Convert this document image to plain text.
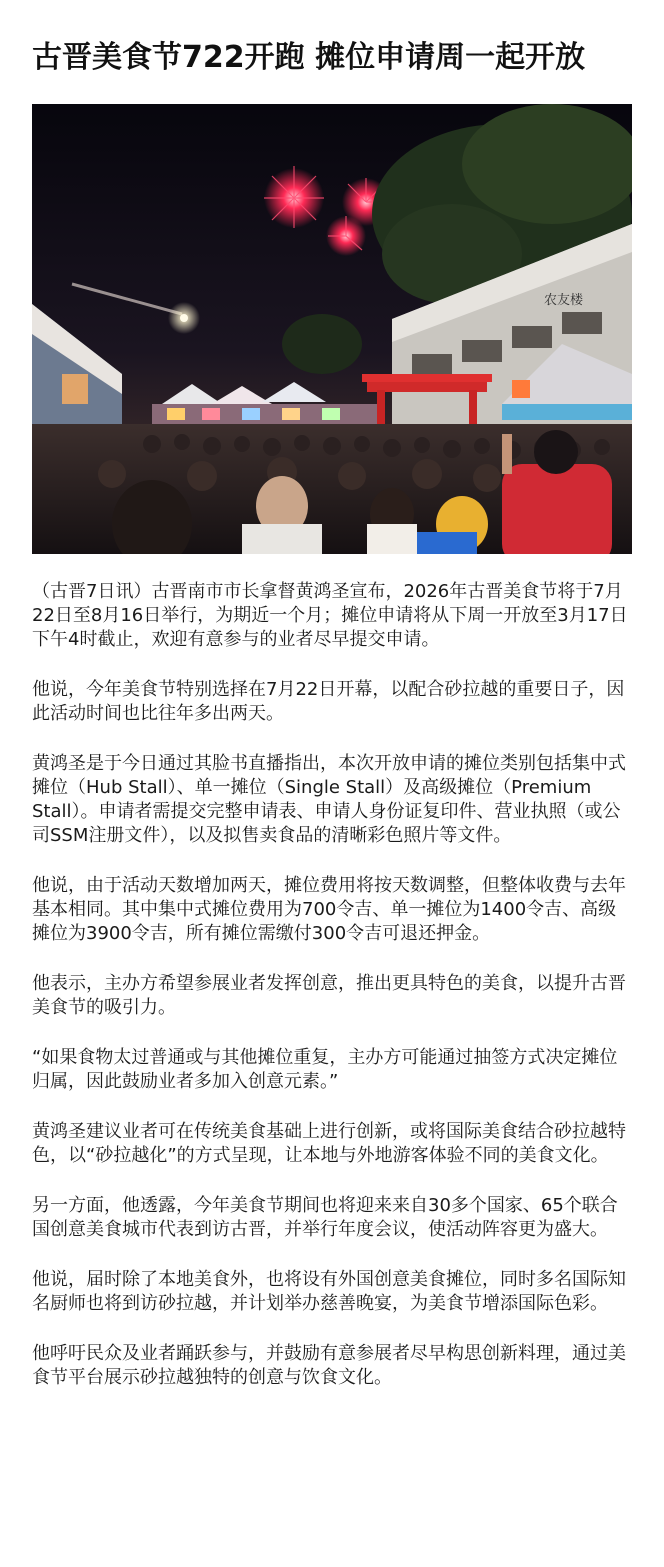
古晋美食节722开跑 摊位申请周一起开放
农友楼

（古晋7日讯）古晋南市市长拿督黄鸿圣宣布，2026年古晋美食节将于7月22日至8月16日举行，为期近一个月；摊位申请将从下周一开放至3月17日下午4时截止，欢迎有意参与的业者尽早提交申请。

他说，今年美食节特别选择在7月22日开幕，以配合砂拉越的重要日子，因此活动时间也比往年多出两天。

黄鸿圣是于今日通过其脸书直播指出，本次开放申请的摊位类别包括集中式摊位（Hub Stall）、单一摊位（Single Stall）及高级摊位（Premium Stall）。申请者需提交完整申请表、申请人身份证复印件、营业执照（或公司SSM注册文件），以及拟售卖食品的清晰彩色照片等文件。

他说，由于活动天数增加两天，摊位费用将按天数调整，但整体收费与去年基本相同。其中集中式摊位费用为700令吉、单一摊位为1400令吉、高级摊位为3900令吉，所有摊位需缴付300令吉可退还押金。

他表示，主办方希望参展业者发挥创意，推出更具特色的美食，以提升古晋美食节的吸引力。

“如果食物太过普通或与其他摊位重复，主办方可能通过抽签方式决定摊位归属，因此鼓励业者多加入创意元素。”

黄鸿圣建议业者可在传统美食基础上进行创新，或将国际美食结合砂拉越特色，以“砂拉越化”的方式呈现，让本地与外地游客体验不同的美食文化。

另一方面，他透露，今年美食节期间也将迎来来自30多个国家、65个联合国创意美食城市代表到访古晋，并举行年度会议，使活动阵容更为盛大。

他说，届时除了本地美食外，也将设有外国创意美食摊位，同时多名国际知名厨师也将到访砂拉越，并计划举办慈善晚宴，为美食节增添国际色彩。

他呼吁民众及业者踊跃参与，并鼓励有意参展者尽早构思创新料理，通过美食节平台展示砂拉越独特的创意与饮食文化。
